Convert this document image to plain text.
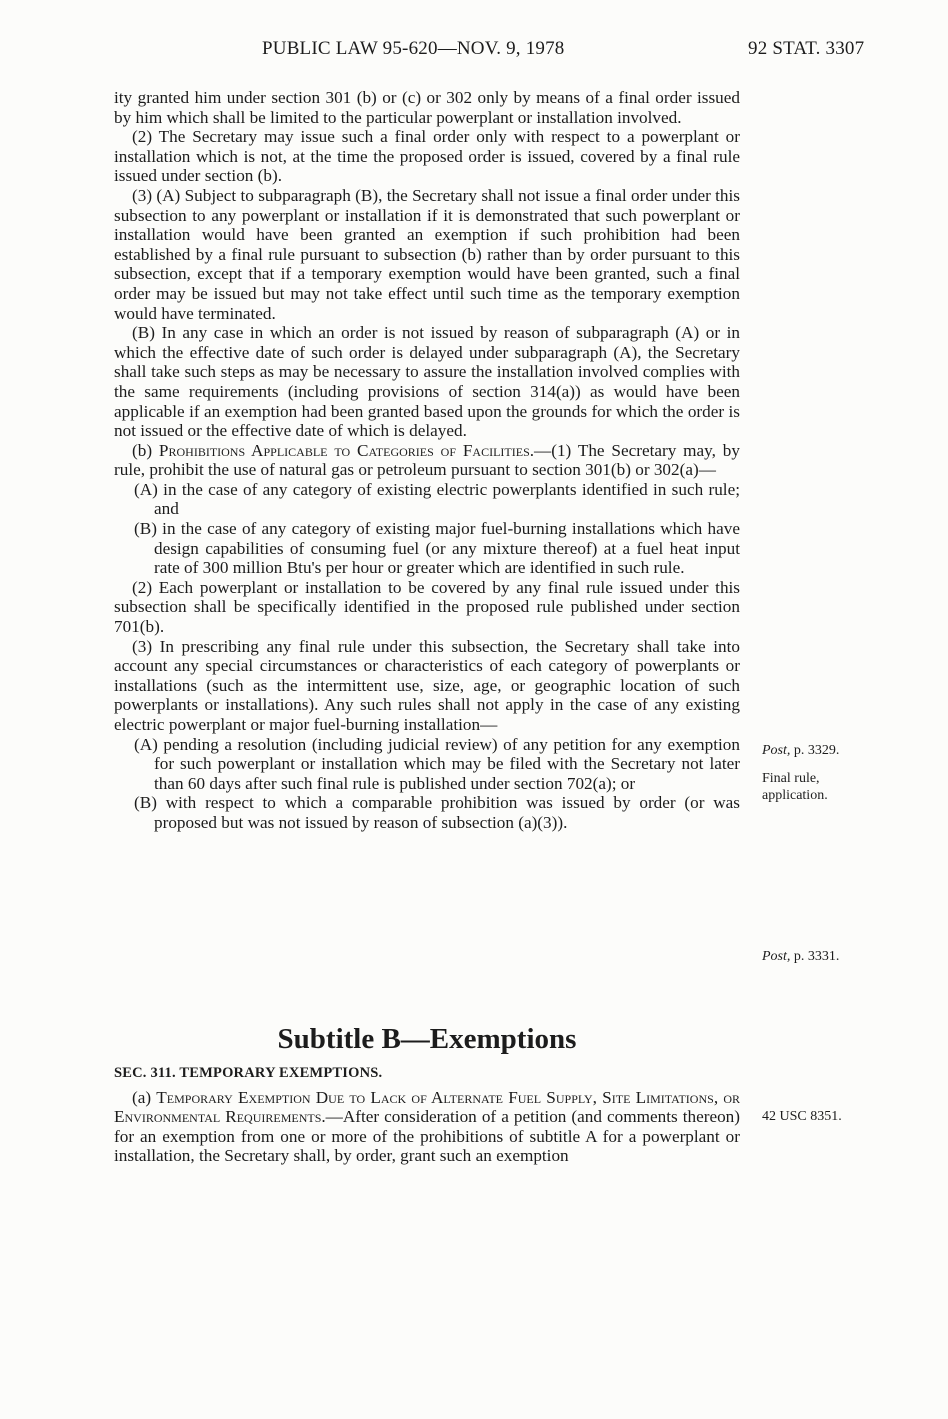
PUBLIC LAW 95-620—NOV. 9, 1978	92 STAT. 3307

ity granted him under section 301 (b) or (c) or 302 only by means of a final order issued by him which shall be limited to the particular powerplant or installation involved.

(2) The Secretary may issue such a final order only with respect to a powerplant or installation which is not, at the time the proposed order is issued, covered by a final rule issued under section (b).

(3) (A) Subject to subparagraph (B), the Secretary shall not issue a final order under this subsection to any powerplant or installation if it is demonstrated that such powerplant or installation would have been granted an exemption if such prohibition had been established by a final rule pursuant to subsection (b) rather than by order pursuant to this subsection, except that if a temporary exemption would have been granted, such a final order may be issued but may not take effect until such time as the temporary exemption would have terminated.

(B) In any case in which an order is not issued by reason of subparagraph (A) or in which the effective date of such order is delayed under subparagraph (A), the Secretary shall take such steps as may be necessary to assure the installation involved complies with the same requirements (including provisions of section 314(a)) as would have been applicable if an exemption had been granted based upon the grounds for which the order is not issued or the effective date of which is delayed.

(b) Prohibitions Applicable to Categories of Facilities.—(1) The Secretary may, by rule, prohibit the use of natural gas or petroleum pursuant to section 301(b) or 302(a)—

(A) in the case of any category of existing electric powerplants identified in such rule; and

(B) in the case of any category of existing major fuel-burning installations which have design capabilities of consuming fuel (or any mixture thereof) at a fuel heat input rate of 300 million Btu's per hour or greater which are identified in such rule.

(2) Each powerplant or installation to be covered by any final rule issued under this subsection shall be specifically identified in the proposed rule published under section 701(b).

(3) In prescribing any final rule under this subsection, the Secretary shall take into account any special circumstances or characteristics of each category of powerplants or installations (such as the intermittent use, size, age, or geographic location of such powerplants or installations). Any such rules shall not apply in the case of any existing electric powerplant or major fuel-burning installation—

(A) pending a resolution (including judicial review) of any petition for any exemption for such powerplant or installation which may be filed with the Secretary not later than 60 days after such final rule is published under section 702(a); or

(B) with respect to which a comparable prohibition was issued by order (or was proposed but was not issued by reason of subsection (a)(3)).

Subtitle B—Exemptions
SEC. 311. TEMPORARY EXEMPTIONS.

(a) Temporary Exemption Due to Lack of Alternate Fuel Supply, Site Limitations, or Environmental Requirements.—After consideration of a petition (and comments thereon) for an exemption from one or more of the prohibitions of subtitle A for a powerplant or installation, the Secretary shall, by order, grant such an exemption

Post, p. 3329.
Final rule, application.
Post, p. 3331.
42 USC 8351.
